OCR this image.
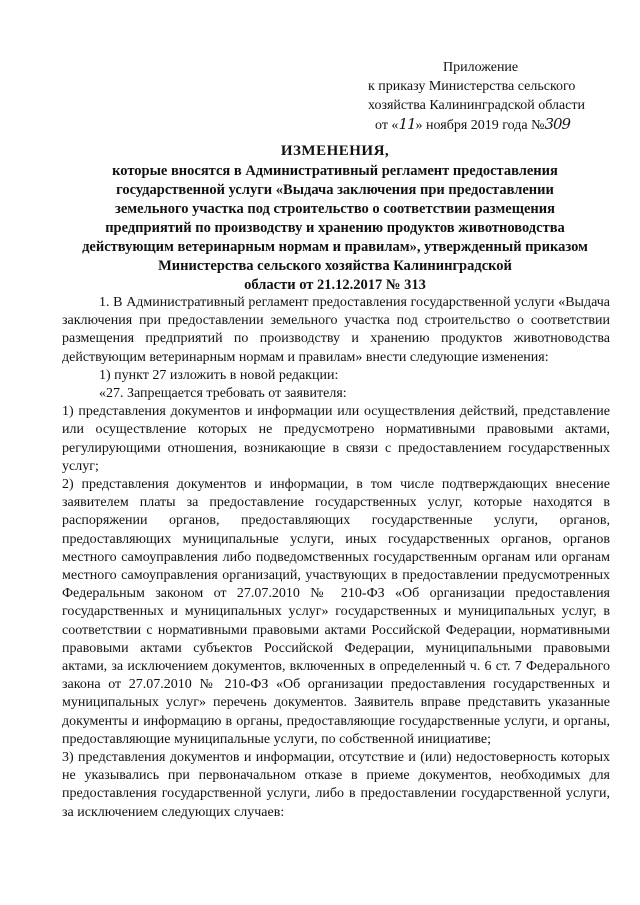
Приложение
к приказу Министерства сельского
хозяйства Калининградской области
от «11» ноября 2019 года №309
ИЗМЕНЕНИЯ,
которые вносятся в Административный регламент предоставления
государственной услуги «Выдача заключения при предоставлении
земельного участка под строительство о соответствии размещения
предприятий по производству и хранению продуктов животноводства
действующим ветеринарным нормам и правилам», утвержденный приказом
Министерства сельского хозяйства Калининградской
области от 21.12.2017 № 313

1. В Административный регламент предоставления государственной услуги «Выдача заключения при предоставлении земельного участка под строительство о соответствии размещения предприятий по производству и хранению продуктов животноводства действующим ветеринарным нормам и правилам» внести следующие изменения:

1) пункт 27 изложить в новой редакции:

«27. Запрещается требовать от заявителя:

1) представления документов и информации или осуществления действий, представление или осуществление которых не предусмотрено нормативными правовыми актами, регулирующими отношения, возникающие в связи с предоставлением государственных услуг;

2) представления документов и информации, в том числе подтверждающих внесение заявителем платы за предоставление государственных услуг, которые находятся в распоряжении органов, предоставляющих государственные услуги, органов, предоставляющих муниципальные услуги, иных государственных органов, органов местного самоуправления либо подведомственных государственным органам или органам местного самоуправления организаций, участвующих в предоставлении предусмотренных Федеральным законом от 27.07.2010 № 210-ФЗ «Об организации предоставления государственных и муниципальных услуг» государственных и муниципальных услуг, в соответствии с нормативными правовыми актами Российской Федерации, нормативными правовыми актами субъектов Российской Федерации, муниципальными правовыми актами, за исключением документов, включенных в определенный ч. 6 ст. 7 Федерального закона от 27.07.2010 № 210-ФЗ «Об организации предоставления государственных и муниципальных услуг» перечень документов. Заявитель вправе представить указанные документы и информацию в органы, предоставляющие государственные услуги, и органы, предоставляющие муниципальные услуги, по собственной инициативе;

3) представления документов и информации, отсутствие и (или) недостоверность которых не указывались при первоначальном отказе в приеме документов, необходимых для предоставления государственной услуги, либо в предоставлении государственной услуги, за исключением следующих случаев:
